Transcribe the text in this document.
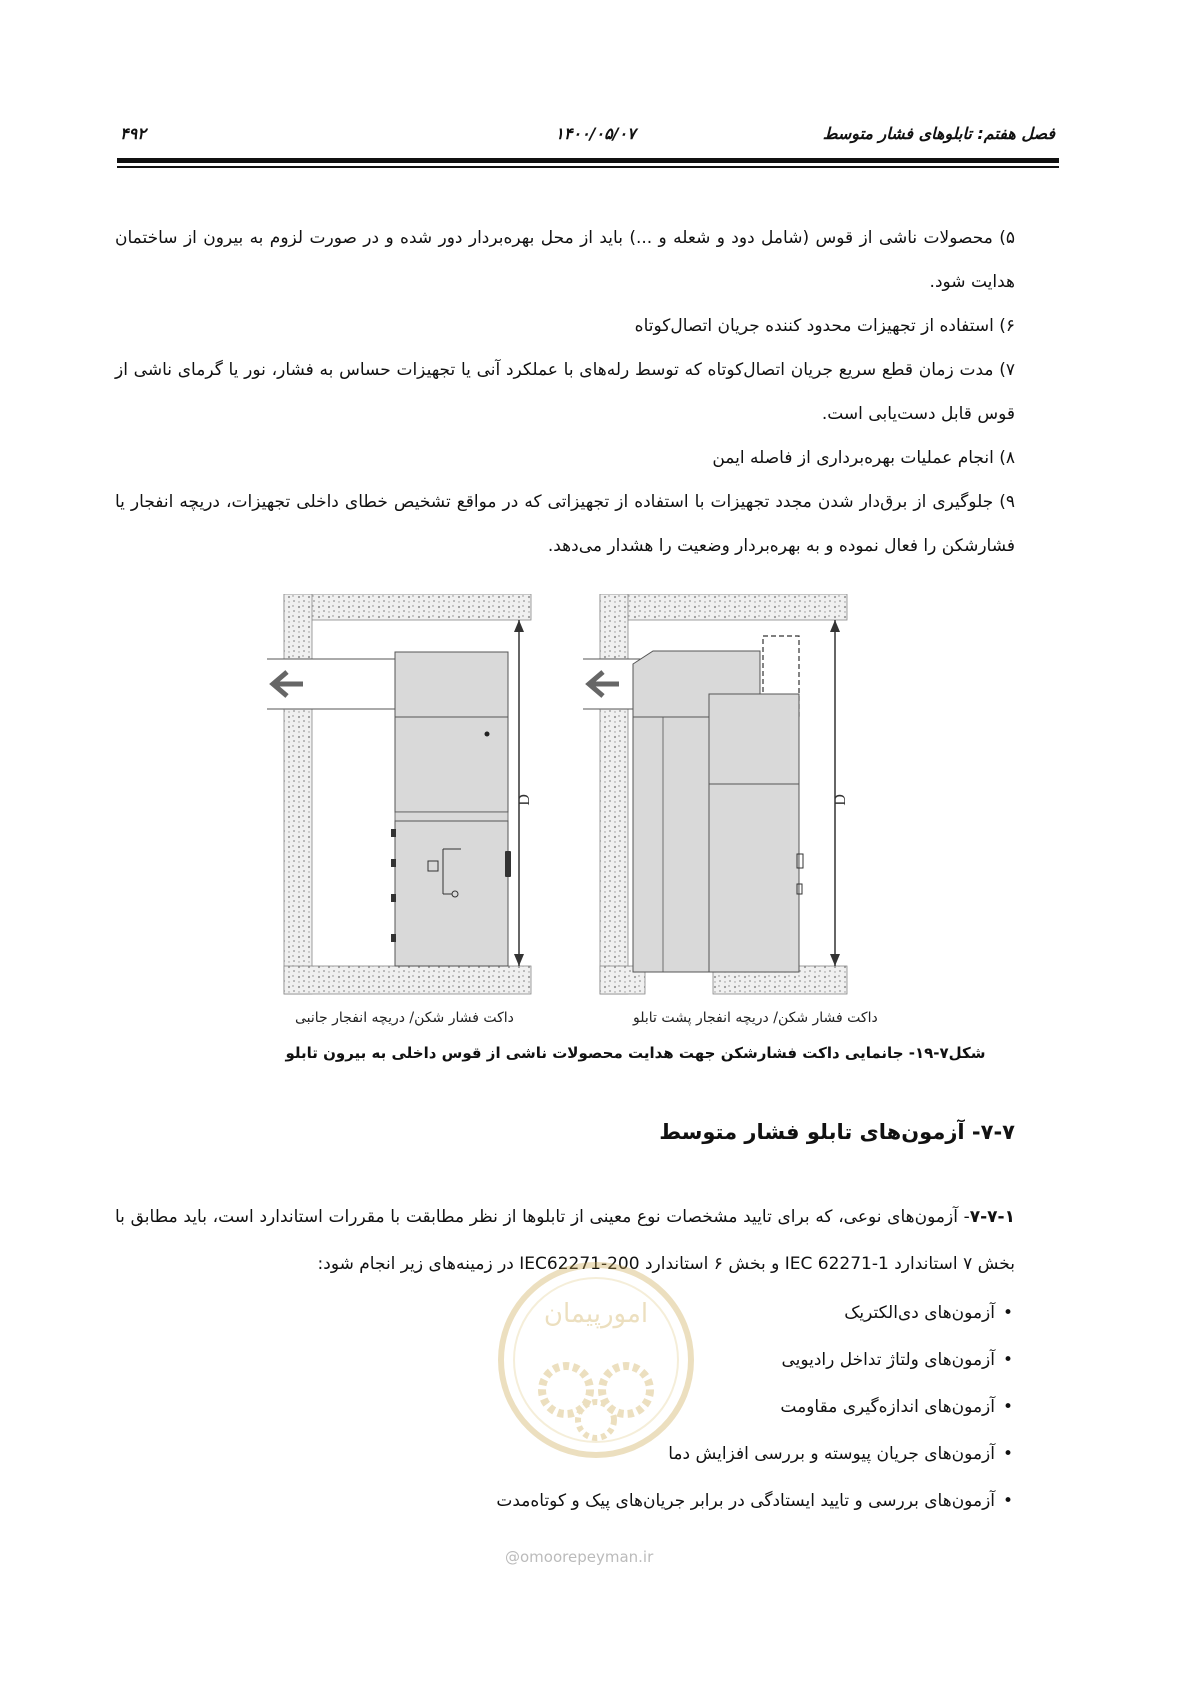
فصل هفتم: تابلوهای فشار متوسط
۱۴۰۰/۰۵/۰۷
۴۹۲

۵) محصولات ناشی از قوس (شامل دود و شعله و ...) باید از محل بهره‌بردار دور شده و در صورت لزوم به بیرون از ساختمان هدایت شود.

۶) استفاده از تجهیزات محدود کننده جریان اتصال‌کوتاه

۷) مدت زمان قطع سریع جریان اتصال‌کوتاه که توسط رله‌های با عملکرد آنی یا تجهیزات حساس به فشار، نور یا گرمای ناشی از قوس قابل دست‌یابی است.

۸) انجام عملیات بهره‌برداری از فاصله ایمن

۹) جلوگیری از برق‌دار شدن مجدد تجهیزات با استفاده از تجهیزاتی که در مواقع تشخیص خطای داخلی تجهیزات، دریچه انفجار یا فشارشکن را فعال نموده و به بهره‌بردار وضعیت را هشدار می‌دهد.

D	D
داکت فشار شکن/ دریچه انفجار جانبی	داکت فشار شکن/ دریچه انفجار پشت تابلو
شکل۷-۱۹- جانمایی داکت فشارشکن جهت هدایت محصولات ناشی از قوس داخلی به بیرون تابلو
۷-۷- آزمون‌های تابلو فشار متوسط

۷-۷-۱- آزمون‌های نوعی، که برای تایید مشخصات نوع معینی از تابلوها از نظر مطابقت با مقررات استاندارد است، باید مطابق با بخش ۷ استاندارد IEC 62271-1 و بخش ۶ استاندارد IEC62271-200 در زمینه‌های زیر انجام شود:

• آزمون‌های دی‌الکتریک
• آزمون‌های ولتاژ تداخل رادیویی
• آزمون‌های اندازه‌گیری مقاومت
• آزمون‌های جریان پیوسته و بررسی افزایش دما
• آزمون‌های بررسی و تایید ایستادگی در برابر جریان‌های پیک و کوتاه‌مدت
امورپیمان
@omoorepeyman.ir
